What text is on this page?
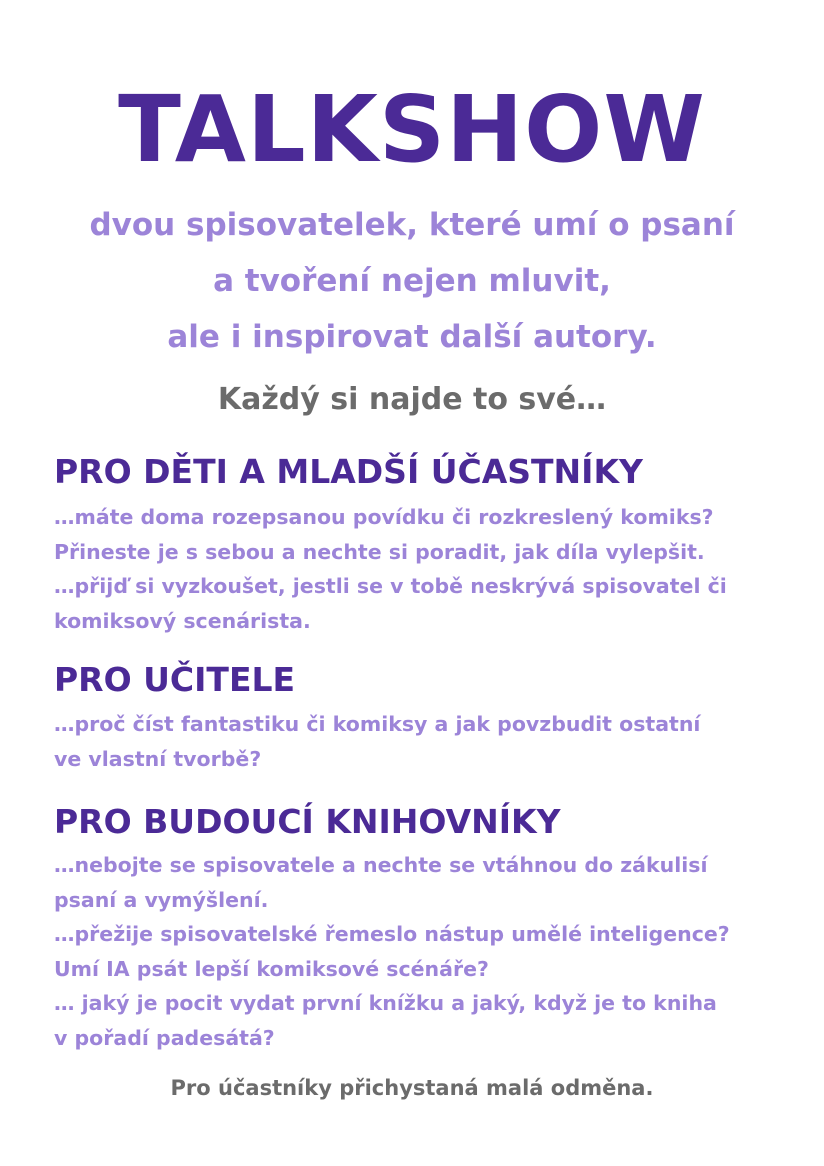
TALKSHOW
dvou spisovatelek, které umí o psaní
a tvoření nejen mluvit,
ale i inspirovat další autory.
Každý si najde to své…
PRO DĚTI A MLADŠÍ ÚČASTNÍKY
…máte doma rozepsanou povídku či rozkreslený komiks?
Přineste je s sebou a nechte si poradit, jak díla vylepšit.
…přijď si vyzkoušet, jestli se v tobě neskrývá spisovatel či
komiksový scenárista.
PRO UČITELE
…proč číst fantastiku či komiksy a jak povzbudit ostatní
ve vlastní tvorbě?
PRO BUDOUCÍ KNIHOVNÍKY
…nebojte se spisovatele a nechte se vtáhnou do zákulisí
psaní a vymýšlení.
…přežije spisovatelské řemeslo nástup umělé inteligence?
Umí IA psát lepší komiksové scénáře?
… jaký je pocit vydat první knížku a jaký, když je to kniha
v pořadí padesátá?
Pro účastníky přichystaná malá odměna.
